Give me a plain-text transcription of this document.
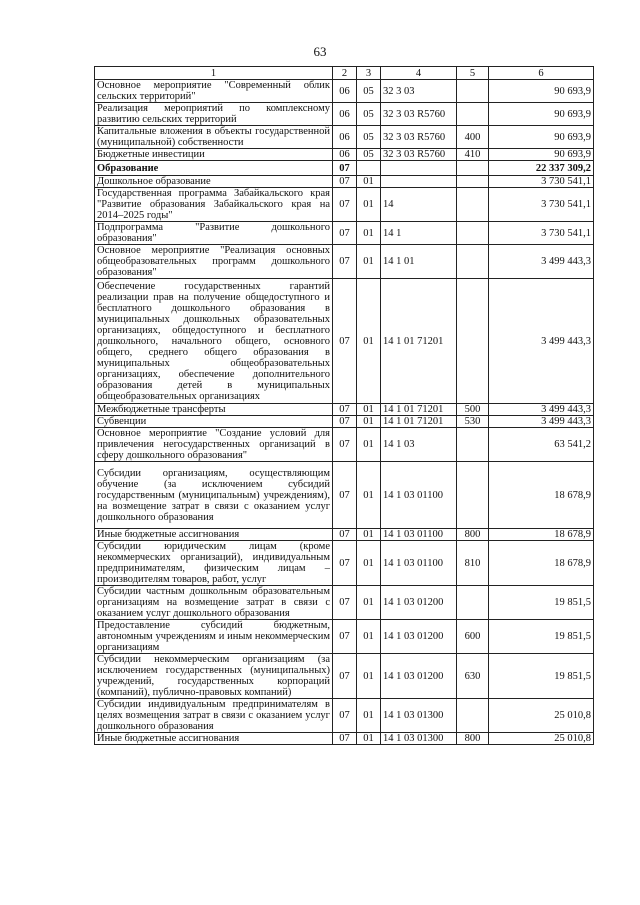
63
1	2	3	4	5	6
Основное мероприятие "Современный облик сельских территорий"	06	05	32 3 03		90 693,9
Реализация мероприятий по комплексному развитию сельских территорий	06	05	32 3 03 R5760		90 693,9
Капитальные вложения в объекты государственной (муниципальной) собственности	06	05	32 3 03 R5760	400	90 693,9
Бюджетные инвестиции	06	05	32 3 03 R5760	410	90 693,9
Образование	07				22 337 309,2
Дошкольное образование	07	01			3 730 541,1
Государственная программа Забайкальского края "Развитие образования Забайкальского края на 2014–2025 годы"	07	01	14		3 730 541,1
Подпрограмма "Развитие дошкольного образования"	07	01	14 1		3 730 541,1
Основное мероприятие "Реализация основных общеобразовательных программ дошкольного образования"	07	01	14 1 01		3 499 443,3
Обеспечение государственных гарантий реализации прав на получение общедоступного и бесплатного дошкольного образования в муниципальных дошкольных образовательных организациях, общедоступного и бесплатного дошкольного, начального общего, основного общего, среднего общего образования в муниципальных общеобразовательных организациях, обеспечение дополнительного образования детей в муниципальных общеобразовательных организациях	07	01	14 1 01 71201		3 499 443,3
Межбюджетные трансферты	07	01	14 1 01 71201	500	3 499 443,3
Субвенции	07	01	14 1 01 71201	530	3 499 443,3
Основное мероприятие "Создание условий для привлечения негосударственных организаций в сферу дошкольного образования"	07	01	14 1 03		63 541,2
Субсидии организациям, осуществляющим обучение (за исключением субсидий государственным (муниципальным) учреждениям), на возмещение затрат в связи с оказанием услуг дошкольного образования	07	01	14 1 03 01100		18 678,9
Иные бюджетные ассигнования	07	01	14 1 03 01100	800	18 678,9
Субсидии юридическим лицам (кроме некоммерческих организаций), индивидуальным предпринимателям, физическим лицам – производителям товаров, работ, услуг	07	01	14 1 03 01100	810	18 678,9
Субсидии частным дошкольным образовательным организациям на возмещение затрат в связи с оказанием услуг дошкольного образования	07	01	14 1 03 01200		19 851,5
Предоставление субсидий бюджетным, автономным учреждениям и иным некоммерческим организациям	07	01	14 1 03 01200	600	19 851,5
Субсидии некоммерческим организациям (за исключением государственных (муниципальных) учреждений, государственных корпораций (компаний), публично-правовых компаний)	07	01	14 1 03 01200	630	19 851,5
Субсидии индивидуальным предпринимателям в целях возмещения затрат в связи с оказанием услуг дошкольного образования	07	01	14 1 03 01300		25 010,8
Иные бюджетные ассигнования	07	01	14 1 03 01300	800	25 010,8
